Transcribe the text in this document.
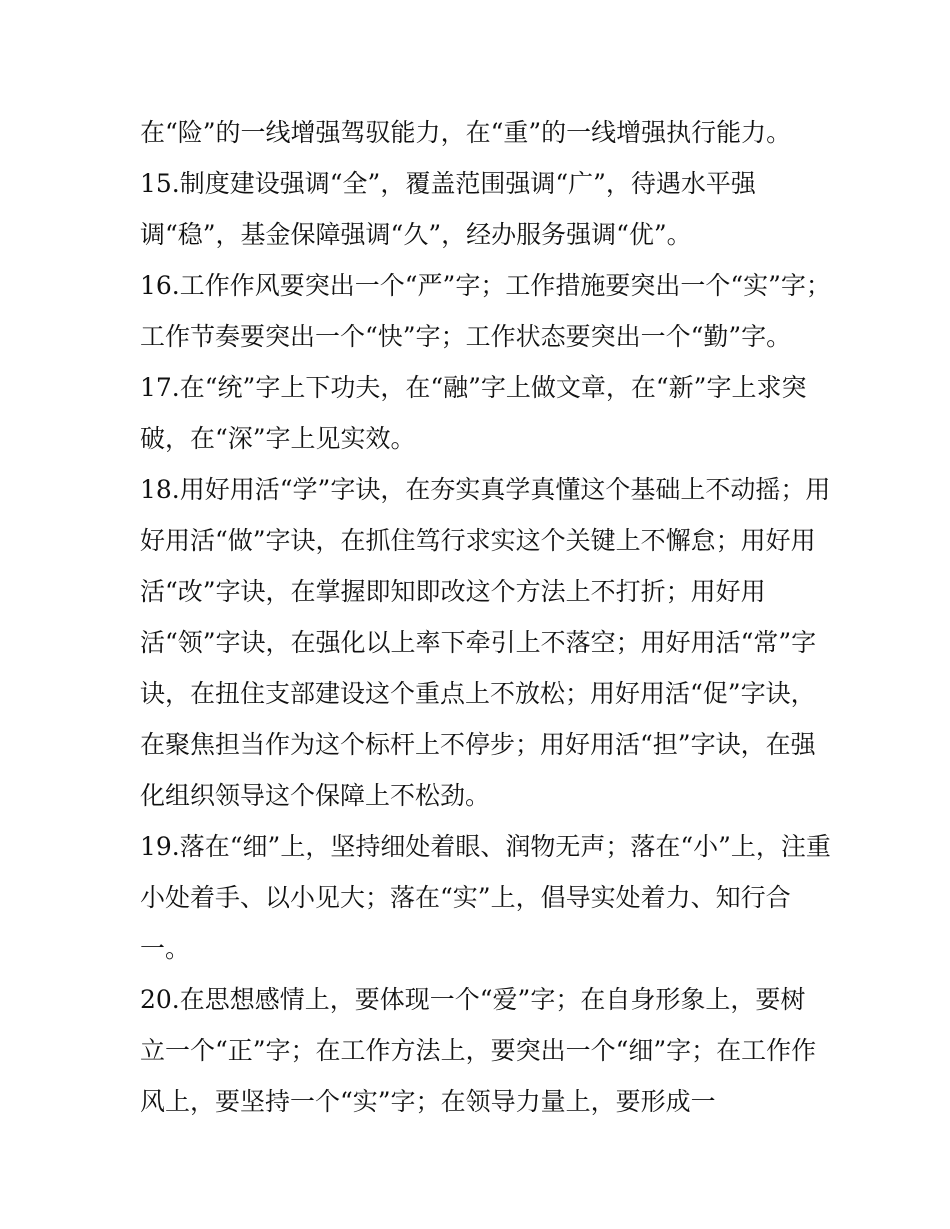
在“险”的一线增强驾驭能力，在“重”的一线增强执行能力。
15.制度建设强调“全”，覆盖范围强调“广”，待遇水平强
调“稳”，基金保障强调“久”，经办服务强调“优”。
16.工作作风要突出一个“严”字；工作措施要突出一个“实”字；
工作节奏要突出一个“快”字；工作状态要突出一个“勤”字。
17.在“统”字上下功夫，在“融”字上做文章，在“新”字上求突
破，在“深”字上见实效。
18.用好用活“学”字诀，在夯实真学真懂这个基础上不动摇；用
好用活“做”字诀，在抓住笃行求实这个关键上不懈怠；用好用
活“改”字诀，在掌握即知即改这个方法上不打折；用好用
活“领”字诀，在强化以上率下牵引上不落空；用好用活“常”字
诀，在扭住支部建设这个重点上不放松；用好用活“促”字诀，
在聚焦担当作为这个标杆上不停步；用好用活“担”字诀，在强
化组织领导这个保障上不松劲。
19.落在“细”上，坚持细处着眼、润物无声；落在“小”上，注重
小处着手、以小见大；落在“实”上，倡导实处着力、知行合
一。
20.在思想感情上，要体现一个“爱”字；在自身形象上，要树
立一个“正”字；在工作方法上，要突出一个“细”字；在工作作
风上，要坚持一个“实”字；在领导力量上，要形成一
